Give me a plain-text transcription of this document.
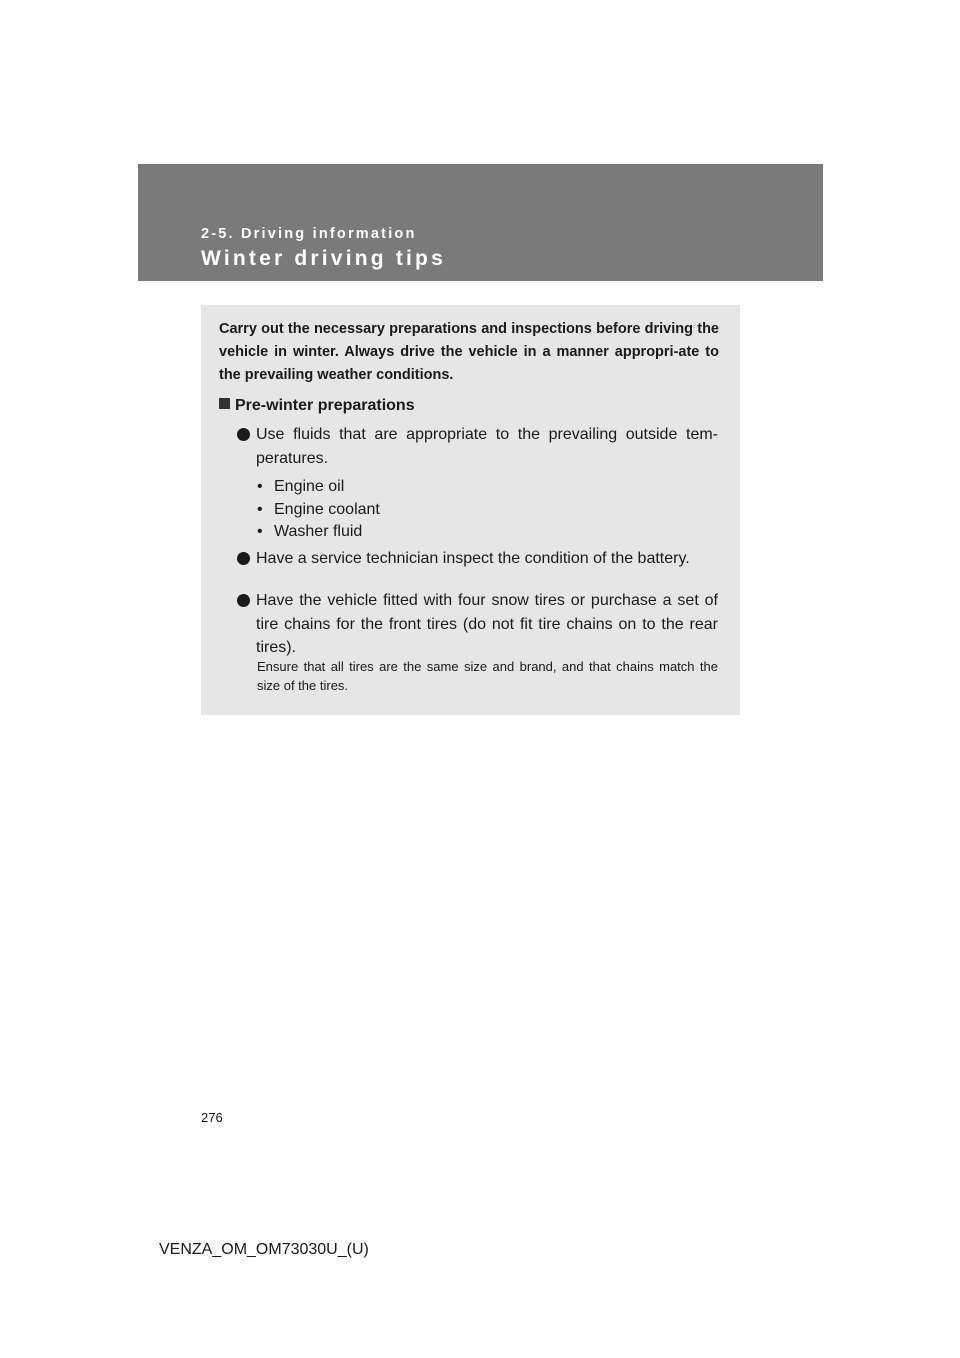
2-5. Driving information
Winter driving tips
Carry out the necessary preparations and inspections before driving the vehicle in winter. Always drive the vehicle in a manner appropri-ate to the prevailing weather conditions.
Pre-winter preparations
Use fluids that are appropriate to the prevailing outside tem-peratures.
• Engine oil
• Engine coolant
• Washer fluid
Have a service technician inspect the condition of the battery.
Have the vehicle fitted with four snow tires or purchase a set of tire chains for the front tires (do not fit tire chains on to the rear tires).
Ensure that all tires are the same size and brand, and that chains match the size of the tires.
276
VENZA_OM_OM73030U_(U)
